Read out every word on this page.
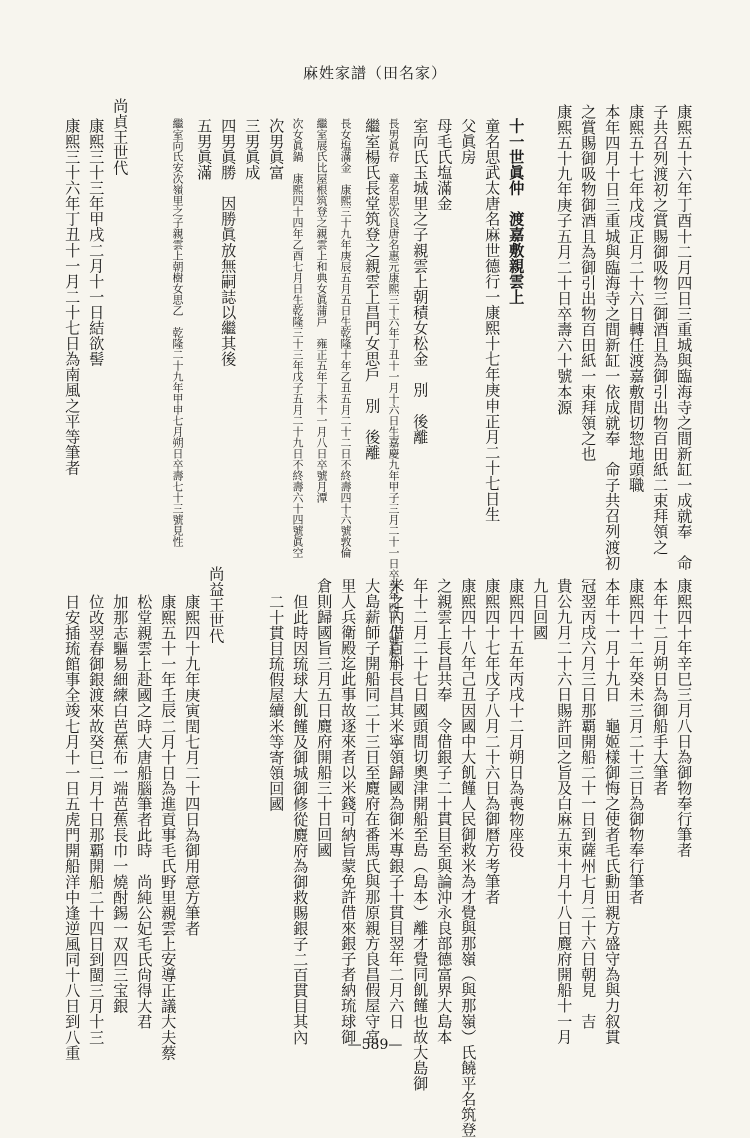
麻姓家譜（田名家）
康熙五十六年丁酉十二月四日三重城與臨海寺之間新缸一成就奉　命
子共召列渡初之賞賜御吸物三御酒且為御引出物百田紙二束拜領之
康熙五十七年戊戌正月二十六日轉任渡嘉敷間切惣地頭職
本年四月十日三重城與臨海寺之間新缸一依成就奉　命子共召列渡初
之賞賜御吸物御酒且為御引出物百田紙一束拜領之也
康熙五十九年庚子五月二十日卒壽六十號本源
十一世眞仲　渡嘉敷親雲上
童名思武太唐名麻世德行一康熙十七年庚申正月二十七日生
父眞房
母毛氏塩滿金
室向氏玉城里之子親雲上朝積女松金　別　後離
長男眞存　童名思次良唐名惠元康熙三十六年丁丑十一月十六日生嘉慶九年甲子三月二十一日卒享年四十八號起一
繼室楊氏長堂筑登之親雲上昌門女思戶　別　後離
長女塩滿金　康熙三十九年庚辰五月五日生乾隆十年乙丑五月二十二日不終壽四十六號敦倫
繼室展氏比屋根筑登之親雲上和典女眞蒲戶　雍正五年丁未十一月八日卒號月潭
次女眞鍋　康熙四十四年乙酉七月日生乾隆三十三年戊子五月二十九日不終壽六十四號眞空
次男眞富
三男眞成
四男眞勝　因勝眞放無嗣誌以繼其後
五男眞滿
繼室向氏安次嶺里之子親雲上朝樹女思乙　乾隆二十九年甲申七月朔日卒壽七十三號見性
尚貞王世代
康熙三十三年甲戌二月十一日結欲髻
康熙三十六年丁丑十一月二十七日為南風之平等筆者
康熙四十年辛巳三月八日為御物奉行筆者
本年十二月朔日為御船手大筆者
康熙四十二年癸未三月二十三日為御物奉行筆者
本年十一月十九日　龜姬樣御悔之使者毛氏勳田親方盛守為與力叙貫
冠翌丙戌六月三日那覇開船二十一日到薩州七月二十六日朝見　吉
貴公九月二十六日賜許回之旨及白麻五束十月十八日麑府開船十一月
九日回國
康熙四十五年丙戌十二月朔日為喪物座役
康熙四十七年戊子八月二十六日為御暦方考筆者
康熙四十八年己丑因國中大飢饉人民御救米為才覺與那嶺（與那嶺）氏饒平名筑登
之親雲上長昌共奉　令借銀子二十貫目至與論沖永良部德富界大島本
年十二月二十七日國頭間切奧津開船至島（島本）離才覺同飢饉也故大島御
米之內借百斛長昌其米寧領歸國為御米專銀子十貫目翌年二月六日
大島薪師子開船同二十三日至麑府在番馬氏與那原親方良昌假屋守宮
里人兵衛殿迄此事故逐來者以米錢可納旨蒙免許借來銀子者納琉球御
倉則歸國旨三月五日麑府開船三十日回國
但此時因琉球大飢饉及御城御修從麑府為御救賜銀子二百貫目其內
二十貫目琉假屋續米等寄領回國
尚益王世代
康熙四十九年庚寅閏七月二十四日為御用意方筆者
康熙五十一年壬辰二月十日為進貢事毛氏野里親雲上安導正議大夫蔡
松堂親雲上赴國之時大唐船腦筆者此時　尚純公妃毛氏尙得大君
加那志驅易細練白芭蕉布一端芭蕉長巾一燒酎錫一双四三宝銀
位改翌春御銀渡來故癸巳二月十日那覇開船二十四日到閩三月十三
日安插琉館事全竣七月十一日五虎門開船洋中逢逆風同十八日到八重	—589—
